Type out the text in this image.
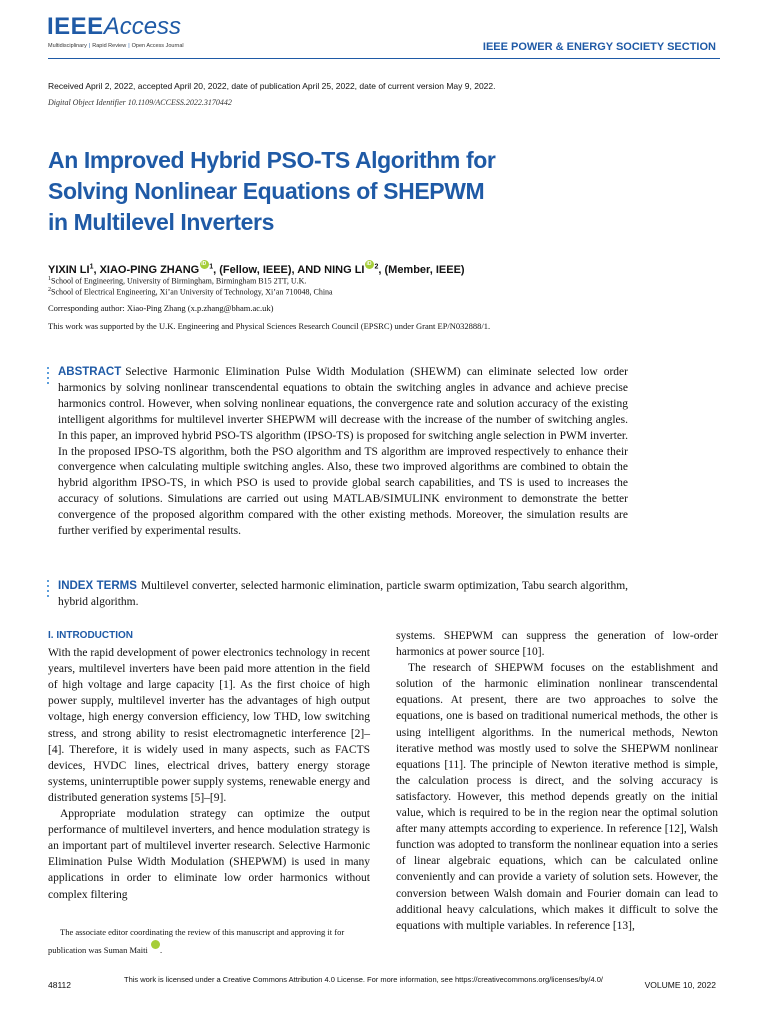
IEEEAccess
Multidisciplinary | Rapid Review | Open Access Journal	IEEE POWER & ENERGY SOCIETY SECTION
Received April 2, 2022, accepted April 20, 2022, date of publication April 25, 2022, date of current version May 9, 2022.
Digital Object Identifier 10.1109/ACCESS.2022.3170442
An Improved Hybrid PSO-TS Algorithm for
Solving Nonlinear Equations of SHEPWM
in Multilevel Inverters
YIXIN $LI^1$, XIAO-PING ZHANG iD $^1$, (Fellow, IEEE), AND NING LI iD $^2$, (Member, IEEE)
$^1$School of Engineering, University of Birmingham, Birmingham B15 2TT, U.K.
$^2$School of Electrical Engineering, Xi’an University of Technology, Xi’an 710048, China
Corresponding author: Xiao-Ping Zhang (x.p.zhang@bham.ac.uk)
This work was supported by the U.K. Engineering and Physical Sciences Research Council (EPSRC) under Grant EP/N032888/1.
ABSTRACT Selective Harmonic Elimination Pulse Width Modulation (SHEWM) can eliminate selected low order harmonics by solving nonlinear transcendental equations to obtain the switching angles in advance and achieve precise harmonics control. However, when solving nonlinear equations, the convergence rate and solution accuracy of the existing intelligent algorithms for multilevel inverter SHEPWM will decrease with the increase of the number of switching angles. In this paper, an improved hybrid PSO-TS algorithm (IPSO-TS) is proposed for switching angle selection in PWM inverter. In the proposed IPSO-TS algorithm, both the PSO algorithm and TS algorithm are improved respectively to enhance their convergence when calculating multiple switching angles. Also, these two improved algorithms are combined to obtain the hybrid algorithm IPSO-TS, in which PSO is used to provide global search capabilities, and TS is used to increases the accuracy of solutions. Simulations are carried out using MATLAB/SIMULINK environment to demonstrate the better convergence of the proposed algorithm compared with the other existing methods. Moreover, the simulation results are further verified by experimental results.
INDEX TERMS Multilevel converter, selected harmonic elimination, particle swarm optimization, Tabu search algorithm, hybrid algorithm.
I. INTRODUCTION

With the rapid development of power electronics technology in recent years, multilevel inverters have been paid more attention in the field of high voltage and large capacity [1]. As the first choice of high power supply, multilevel inverter has the advantages of high output voltage, high energy conversion efficiency, low THD, low switching stress, and strong ability to resist electromagnetic interference [2]–[4]. Therefore, it is widely used in many aspects, such as FACTS devices, HVDC lines, electrical drives, battery energy storage systems, uninterruptible power supply systems, renewable energy and distributed generation systems [5]–[9].

Appropriate modulation strategy can optimize the output performance of multilevel inverters, and hence modulation strategy is an important part of multilevel inverter research. Selective Harmonic Elimination Pulse Width Modulation (SHEPWM) is used in many applications in order to eliminate low order harmonics without complex filtering

systems. SHEPWM can suppress the generation of low-order harmonics at power source [10].

The research of SHEPWM focuses on the establishment and solution of the harmonic elimination nonlinear transcendental equations. At present, there are two approaches to solve the equations, one is based on traditional numerical methods, the other is using intelligent algorithms. In the numerical methods, Newton iterative method was mostly used to solve the SHEPWM nonlinear equations [11]. The principle of Newton iterative method is simple, the calculation process is direct, and the solving accuracy is satisfactory. However, this method depends greatly on the initial value, which is required to be in the region near the optimal solution after many attempts according to experience. In reference [12], Walsh function was adopted to transform the nonlinear equation into a series of linear algebraic equations, which can be calculated online conveniently and can provide a variety of solution sets. However, the conversion between Walsh domain and Fourier domain can lead to additional heavy calculations, which makes it difficult to solve the equations with multiple variables. In reference [13],

The associate editor coordinating the review of this manuscript and approving it for publication was Suman Maiti iD .

48112
This work is licensed under a Creative Commons Attribution 4.0 License. For more information, see https://creativecommons.org/licenses/by/4.0/
VOLUME 10, 2022
